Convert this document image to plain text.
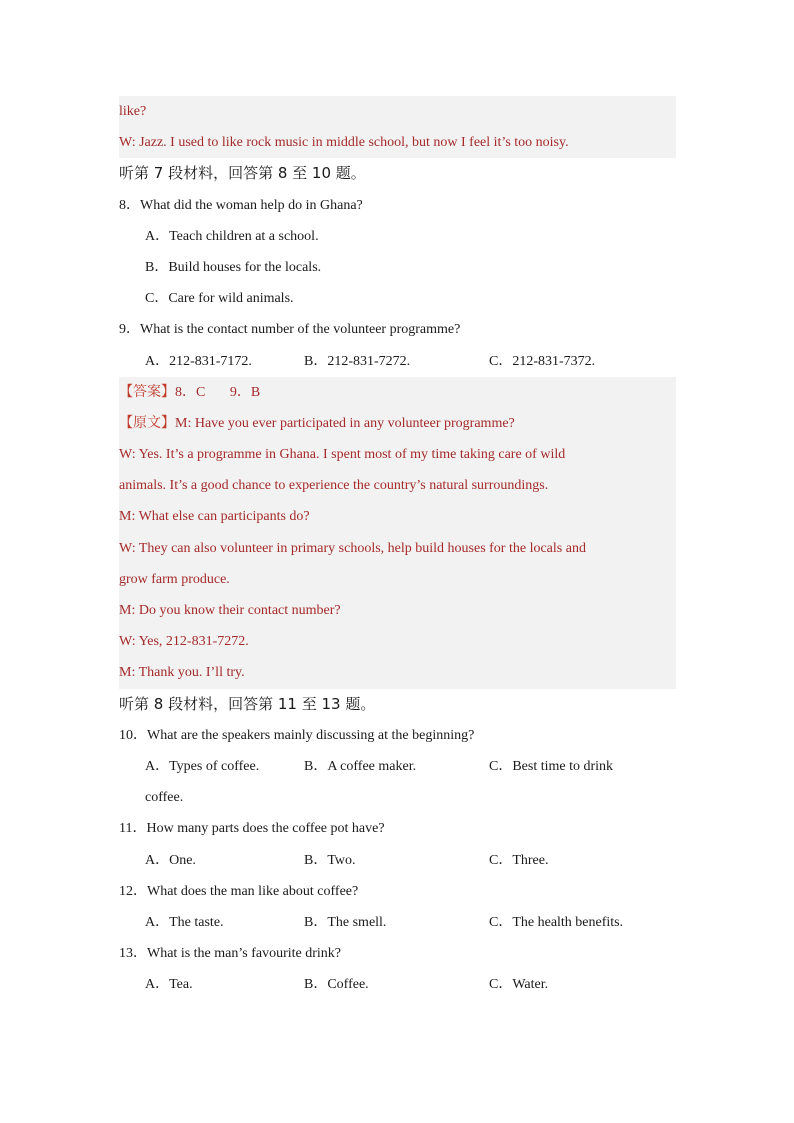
like?
W: Jazz. I used to like rock music in middle school, but now I feel it’s too noisy.
听第 7 段材料，回答第 8 至 10 题。
8．What did the woman help do in Ghana?
A．Teach children at a school.
B．Build houses for the locals.
C．Care for wild animals.
9．What is the contact number of the volunteer programme?
A．212-831-7172.	B．212-831-7272.	C．212-831-7372.
【答案】8．C       9．B
【原文】M: Have you ever participated in any volunteer programme?
W: Yes. It’s a programme in Ghana. I spent most of my time taking care of wild
animals. It’s a good chance to experience the country’s natural surroundings.
M: What else can participants do?
W: They can also volunteer in primary schools, help build houses for the locals and
grow farm produce.
M: Do you know their contact number?
W: Yes, 212-831-7272.
M: Thank you. I’ll try.
听第 8 段材料，回答第 11 至 13 题。
10．What are the speakers mainly discussing at the beginning?
A．Types of coffee.	B．A coffee maker.	C．Best time to drink
coffee.
11．How many parts does the coffee pot have?
A．One.	B．Two.	C．Three.
12．What does the man like about coffee?
A．The taste.	B．The smell.	C．The health benefits.
13．What is the man’s favourite drink?
A．Tea.	B．Coffee.	C．Water.
